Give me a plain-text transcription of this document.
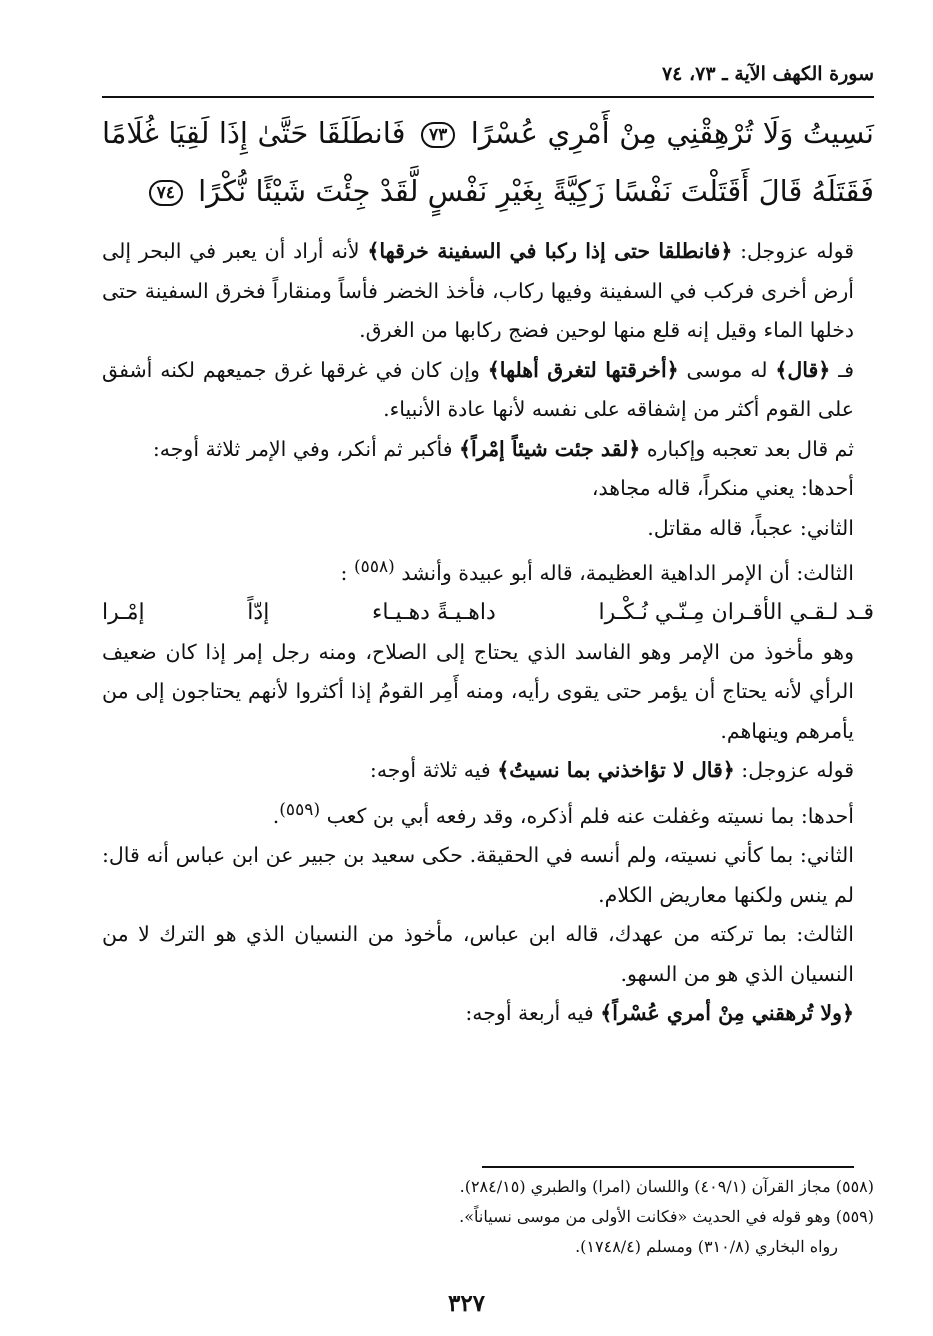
سورة الكهف الآية ـ ٧٣، ٧٤
نَسِيتُ وَلَا تُرْهِقْنِي مِنْ أَمْرِي عُسْرًا ٧٣ فَانطَلَقَا حَتَّىٰ إِذَا لَقِيَا غُلَامًا فَقَتَلَهُ قَالَ أَقَتَلْتَ نَفْسًا زَكِيَّةً بِغَيْرِ نَفْسٍ لَّقَدْ جِئْتَ شَيْئًا نُّكْرًا ٧٤

قوله عزوجل: ﴿فانطلقا حتى إذا ركبا في السفينة خرقها﴾ لأنه أراد أن يعبر في البحر إلى أرض أخرى فركب في السفينة وفيها ركاب، فأخذ الخضر فأساً ومنقاراً فخرق السفينة حتى دخلها الماء وقيل إنه قلع منها لوحين فضج ركابها من الغرق.

فـ ﴿قال﴾ له موسى ﴿أخرقتها لتغرق أهلها﴾ وإن كان في غرقها غرق جميعهم لكنه أشفق على القوم أكثر من إشفاقه على نفسه لأنها عادة الأنبياء.

ثم قال بعد تعجبه وإكباره ﴿لقد جئت شيئاً إمْراً﴾ فأكبر ثم أنكر، وفي الإمر ثلاثة أوجه:

أحدها: يعني منكراً، قاله مجاهد،

الثاني: عجباً، قاله مقاتل.

الثالث: أن الإمر الداهية العظيمة، قاله أبو عبيدة وأنشد $^{(٥٥٨)}$ :

قـد لـقـي الأقـران مِـنّـي نُـكْـرا
داهـيـةً دهـيـاء
إدّاً
إمْـرا

وهو مأخوذ من الإمر وهو الفاسد الذي يحتاج إلى الصلاح، ومنه رجل إمر إذا كان ضعيف الرأي لأنه يحتاج أن يؤمر حتى يقوى رأيه، ومنه أَمِر القومُ إذا أكثروا لأنهم يحتاجون إلى من يأمرهم وينهاهم.

قوله عزوجل: ﴿قال لا تؤاخذني بما نسيتُ﴾ فيه ثلاثة أوجه:

أحدها: بما نسيته وغفلت عنه فلم أذكره، وقد رفعه أبي بن كعب $^{(٥٥٩)}$.

الثاني: بما كأني نسيته، ولم أنسه في الحقيقة. حكى سعيد بن جبير عن ابن عباس أنه قال: لم ينس ولكنها معاريض الكلام.

الثالث: بما تركته من عهدك، قاله ابن عباس، مأخوذ من النسيان الذي هو الترك لا من النسيان الذي هو من السهو.

﴿ولا تُرهقني مِنْ أمري عُسْراً﴾ فيه أربعة أوجه:

(٥٥٨) مجاز القرآن (٤٠٩/١) واللسان (امرا) والطبري (٢٨٤/١٥).

(٥٥٩) وهو قوله في الحديث «فكانت الأولى من موسى نسياناً».

رواه البخاري (٣١٠/٨) ومسلم (١٧٤٨/٤).

٣٢٧
